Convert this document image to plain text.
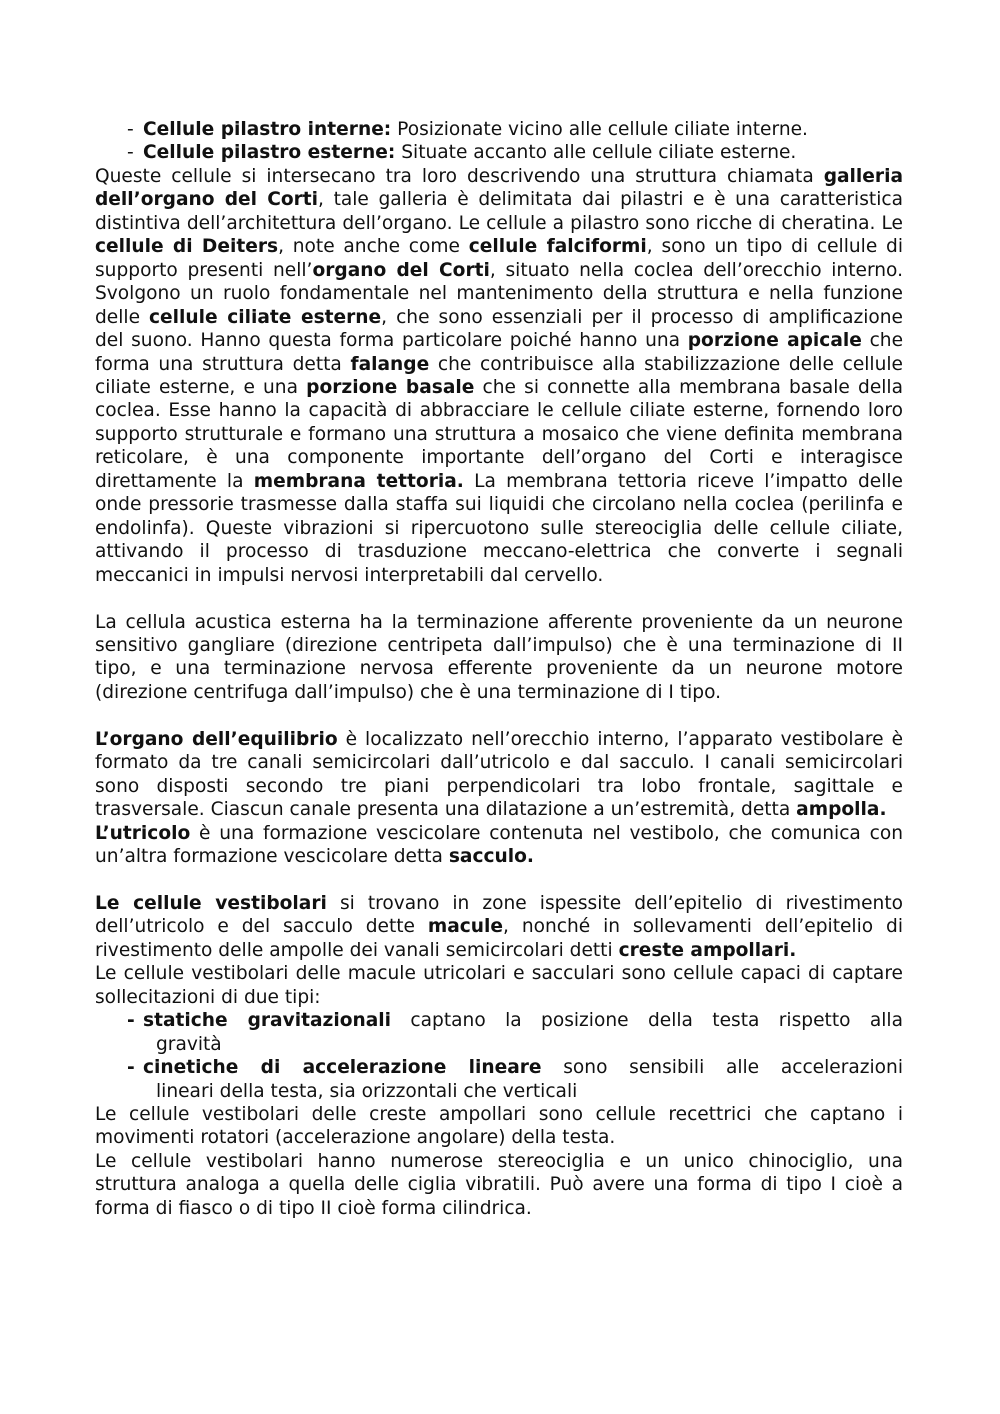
- Cellule pilastro interne: Posizionate vicino alle cellule ciliate interne.
- Cellule pilastro esterne: Situate accanto alle cellule ciliate esterne.

Queste cellule si intersecano tra loro descrivendo una struttura chiamata galleria dell’organo del Corti, tale galleria è delimitata dai pilastri e è una caratteristica distintiva dell’architettura dell’organo. Le cellule a pilastro sono ricche di cheratina. Le cellule di Deiters, note anche come cellule falciformi, sono un tipo di cellule di supporto presenti nell’organo del Corti, situato nella coclea dell’orecchio interno. Svolgono un ruolo fondamentale nel mantenimento della struttura e nella funzione delle cellule ciliate esterne, che sono essenziali per il processo di amplificazione del suono. Hanno questa forma particolare poiché hanno una porzione apicale che forma una struttura detta falange che contribuisce alla stabilizzazione delle cellule ciliate esterne, e una porzione basale che si connette alla membrana basale della coclea. Esse hanno la capacità di abbracciare le cellule ciliate esterne, fornendo loro supporto strutturale e formano una struttura a mosaico che viene definita membrana reticolare, è una componente importante dell’organo del Corti e interagisce direttamente la membrana tettoria. La membrana tettoria riceve l’impatto delle onde pressorie trasmesse dalla staffa sui liquidi che circolano nella coclea (perilinfa e endolinfa). Queste vibrazioni si ripercuotono sulle stereociglia delle cellule ciliate, attivando il processo di trasduzione meccano-elettrica che converte i segnali meccanici in impulsi nervosi interpretabili dal cervello.

La cellula acustica esterna ha la terminazione afferente proveniente da un neurone sensitivo gangliare (direzione centripeta dall’impulso) che è una terminazione di II tipo, e una terminazione nervosa efferente proveniente da un neurone motore (direzione centrifuga dall’impulso) che è una terminazione di I tipo.

L’organo dell’equilibrio è localizzato nell’orecchio interno, l’apparato vestibolare è formato da tre canali semicircolari dall’utricolo e dal sacculo. I canali semicircolari sono disposti secondo tre piani perpendicolari tra lobo frontale, sagittale e trasversale. Ciascun canale presenta una dilatazione a un’estremità, detta ampolla.

L’utricolo è una formazione vescicolare contenuta nel vestibolo, che comunica con un’altra formazione vescicolare detta sacculo.

Le cellule vestibolari si trovano in zone ispessite dell’epitelio di rivestimento dell’utricolo e del sacculo dette macule, nonché in sollevamenti dell’epitelio di rivestimento delle ampolle dei vanali semicircolari detti creste ampollari.

Le cellule vestibolari delle macule utricolari e sacculari sono cellule capaci di captare sollecitazioni di due tipi:

- statiche gravitazionali captano la posizione della testa rispetto alla
gravità
- cinetiche di accelerazione lineare sono sensibili alle accelerazioni
lineari della testa, sia orizzontali che verticali

Le cellule vestibolari delle creste ampollari sono cellule recettrici che captano i movimenti rotatori (accelerazione angolare) della testa.

Le cellule vestibolari hanno numerose stereociglia e un unico chinociglio, una struttura analoga a quella delle ciglia vibratili. Può avere una forma di tipo I cioè a forma di fiasco o di tipo II cioè forma cilindrica.
